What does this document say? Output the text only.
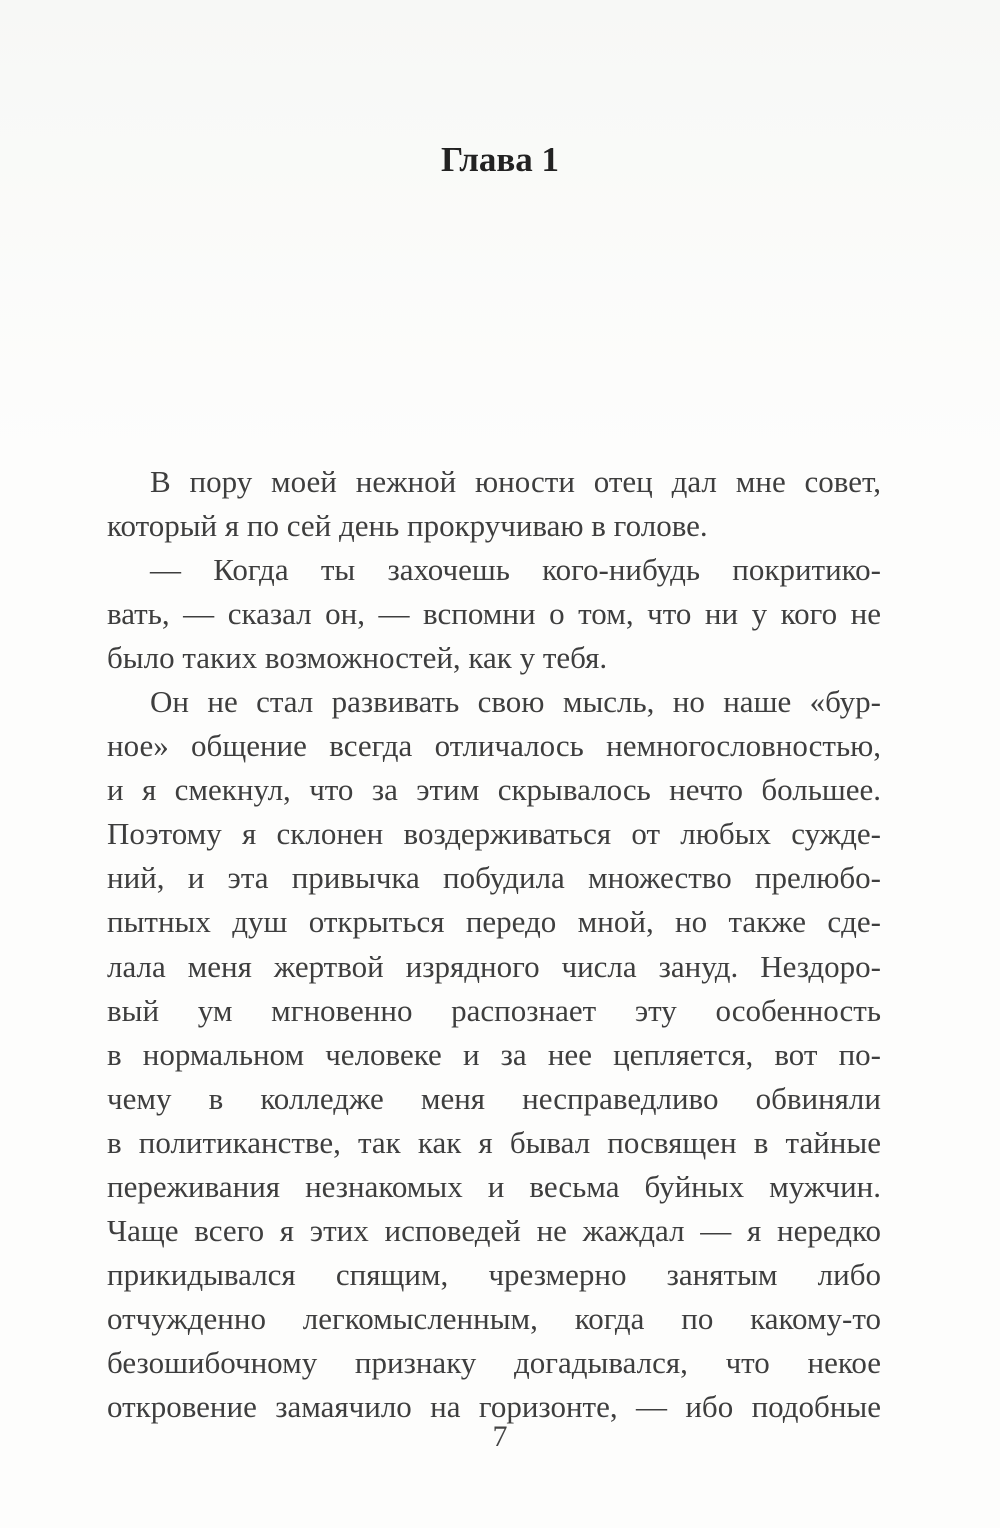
Глава 1
В пору моей нежной юности отец дал мне совет,
который я по сей день прокручиваю в голове.
— Когда ты захочешь кого-нибудь покритико-
вать, — сказал он, — вспомни о том, что ни у кого не
было таких возможностей, как у тебя.
Он не стал развивать свою мысль, но наше «бур-
ное» общение всегда отличалось немногословностью,
и я смекнул, что за этим скрывалось нечто большее.
Поэтому я склонен воздерживаться от любых сужде-
ний, и эта привычка побудила множество прелюбо-
пытных душ открыться передо мной, но также сде-
лала меня жертвой изрядного числа зануд. Нездоро-
вый ум мгновенно распознает эту особенность
в нормальном человеке и за нее цепляется, вот по-
чему в колледже меня несправедливо обвиняли
в политиканстве, так как я бывал посвящен в тайные
переживания незнакомых и весьма буйных мужчин.
Чаще всего я этих исповедей не жаждал — я нередко
прикидывался спящим, чрезмерно занятым либо
отчужденно легкомысленным, когда по какому-то
безошибочному признаку догадывался, что некое
откровение замаячило на горизонте, — ибо подобные
7
